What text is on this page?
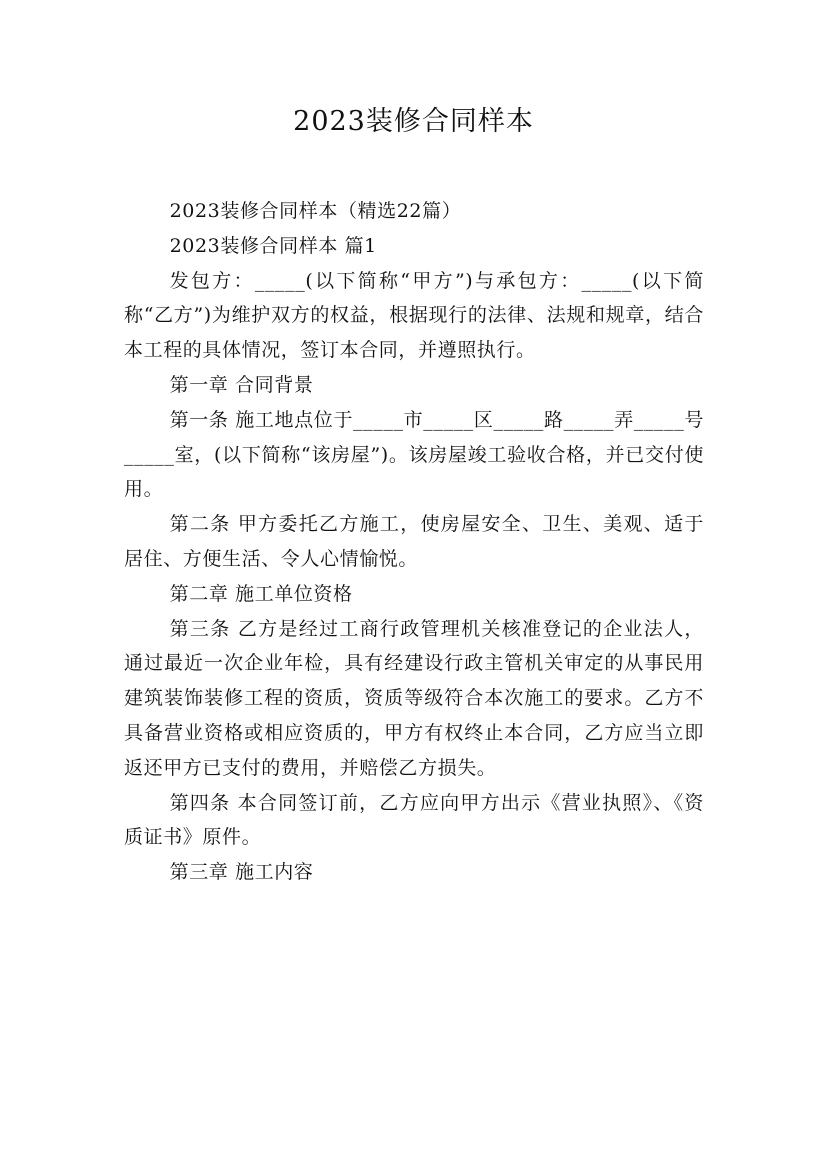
2023装修合同样本

2023装修合同样本（精选22篇）

2023装修合同样本 篇1

发包方：_____(以下简称“甲方”)与承包方：_____(以下简称“乙方”)为维护双方的权益，根据现行的法律、法规和规章，结合本工程的具体情况，签订本合同，并遵照执行。

第一章 合同背景

第一条 施工地点位于_____市_____区_____路_____弄_____号_____室，(以下简称“该房屋”)。该房屋竣工验收合格，并已交付使用。

第二条 甲方委托乙方施工，使房屋安全、卫生、美观、适于居住、方便生活、令人心情愉悦。

第二章 施工单位资格

第三条 乙方是经过工商行政管理机关核准登记的企业法人，通过最近一次企业年检，具有经建设行政主管机关审定的从事民用建筑装饰装修工程的资质，资质等级符合本次施工的要求。乙方不具备营业资格或相应资质的，甲方有权终止本合同，乙方应当立即返还甲方已支付的费用，并赔偿乙方损失。

第四条 本合同签订前，乙方应向甲方出示《营业执照》、《资质证书》原件。

第三章 施工内容
